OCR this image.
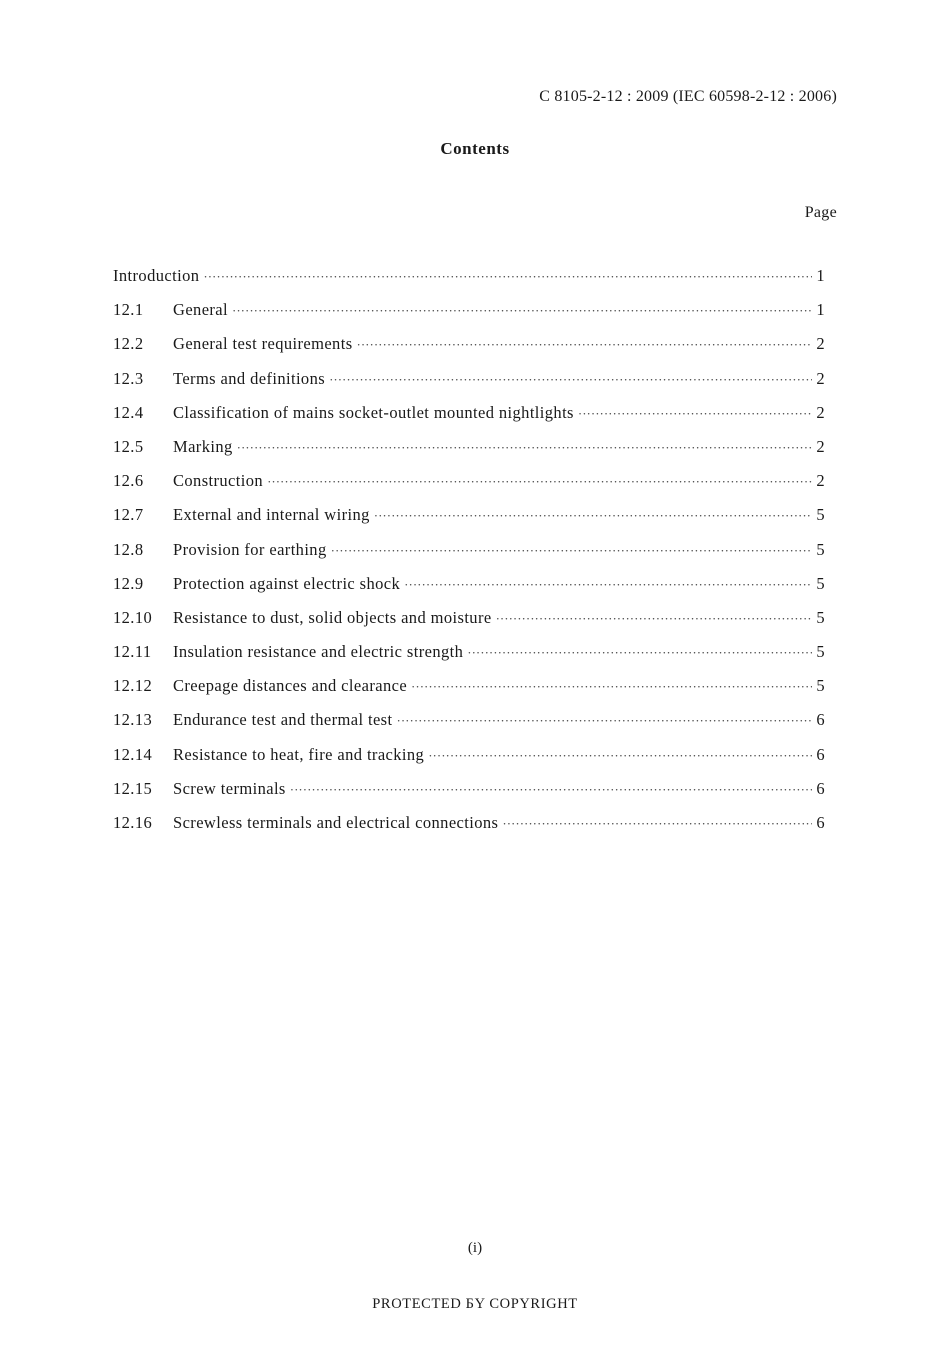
C 8105-2-12 : 2009 (IEC 60598-2-12 : 2006)
Contents
Page
Introduction ·····	1
12.1	General ·····	1
12.2	General test requirements ·····	2
12.3	Terms and definitions ·····	2
12.4	Classification of mains socket-outlet mounted nightlights ·····	2
12.5	Marking ·····	2
12.6	Construction ·····	2
12.7	External and internal wiring ·····	5
12.8	Provision for earthing ·····	5
12.9	Protection against electric shock ·····	5
12.10	Resistance to dust, solid objects and moisture ·····	5
12.11	Insulation resistance and electric strength ·····	5
12.12	Creepage distances and clearance ·····	5
12.13	Endurance test and thermal test ·····	6
12.14	Resistance to heat, fire and tracking ·····	6
12.15	Screw terminals ·····	6
12.16	Screwless terminals and electrical connections ·····	6
(i)
PROTECTED БY COPYRIGHT
